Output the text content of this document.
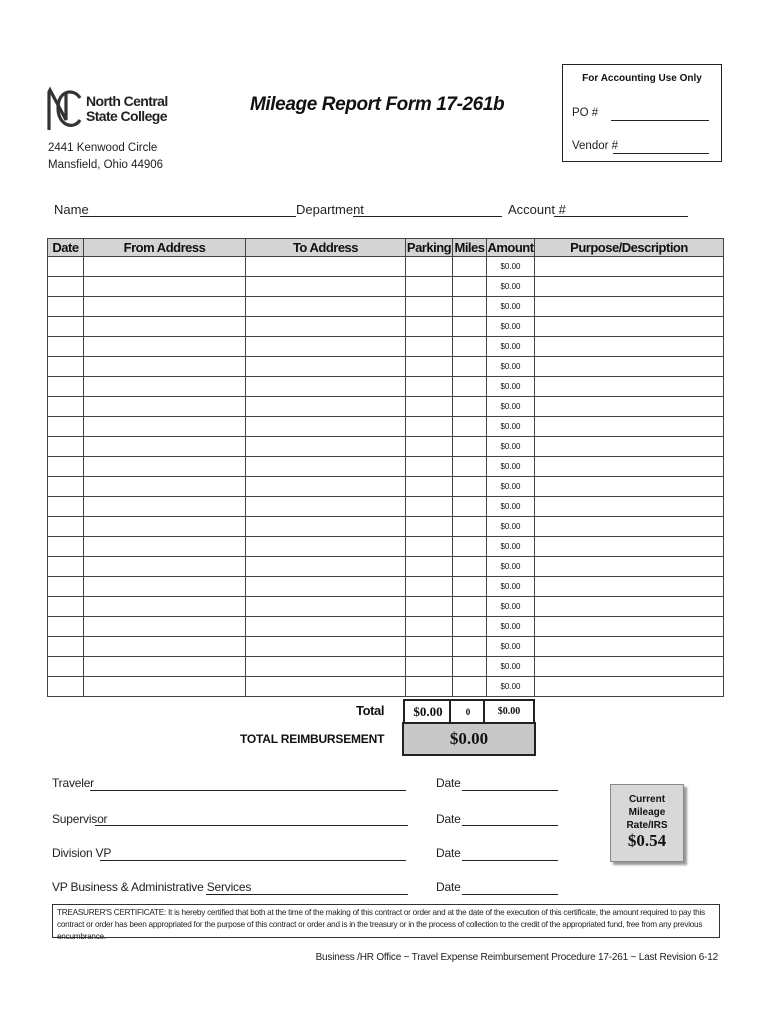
North Central
State College
2441 Kenwood Circle
Mansfield, Ohio 44906
Mileage Report Form 17-261b
For Accounting Use Only
PO #
Vendor #
Name	Department	Account #
Date	From Address	To Address	Parking	Miles	Amount	Purpose/Description
					$0.00	
					$0.00	
					$0.00	
					$0.00	
					$0.00	
					$0.00	
					$0.00	
					$0.00	
					$0.00	
					$0.00	
					$0.00	
					$0.00	
					$0.00	
					$0.00	
					$0.00	
					$0.00	
					$0.00	
					$0.00	
					$0.00	
					$0.00	
					$0.00	
					$0.00	
Total	$0.00	0	$0.00
TOTAL REIMBURSEMENT	$0.00
Traveler	Date
Supervisor	Date
Division VP	Date
VP Business & Administrative Services	Date
Current Mileage
Rate/IRS
$0.54
TREASURER'S CERTIFICATE: It is hereby certified that both at the time of the making of this contract or order and at the date of the execution of this certificate, the amount required to pay this contract or order has been appropriated for the purpose of this contract or order and is in the treasury or in the process of collection to the credit of the appropriated fund, free from any previous encumbrance.
Business /HR Office ~ Travel Expense Reimbursement Procedure 17-261 ~ Last Revision 6-12
